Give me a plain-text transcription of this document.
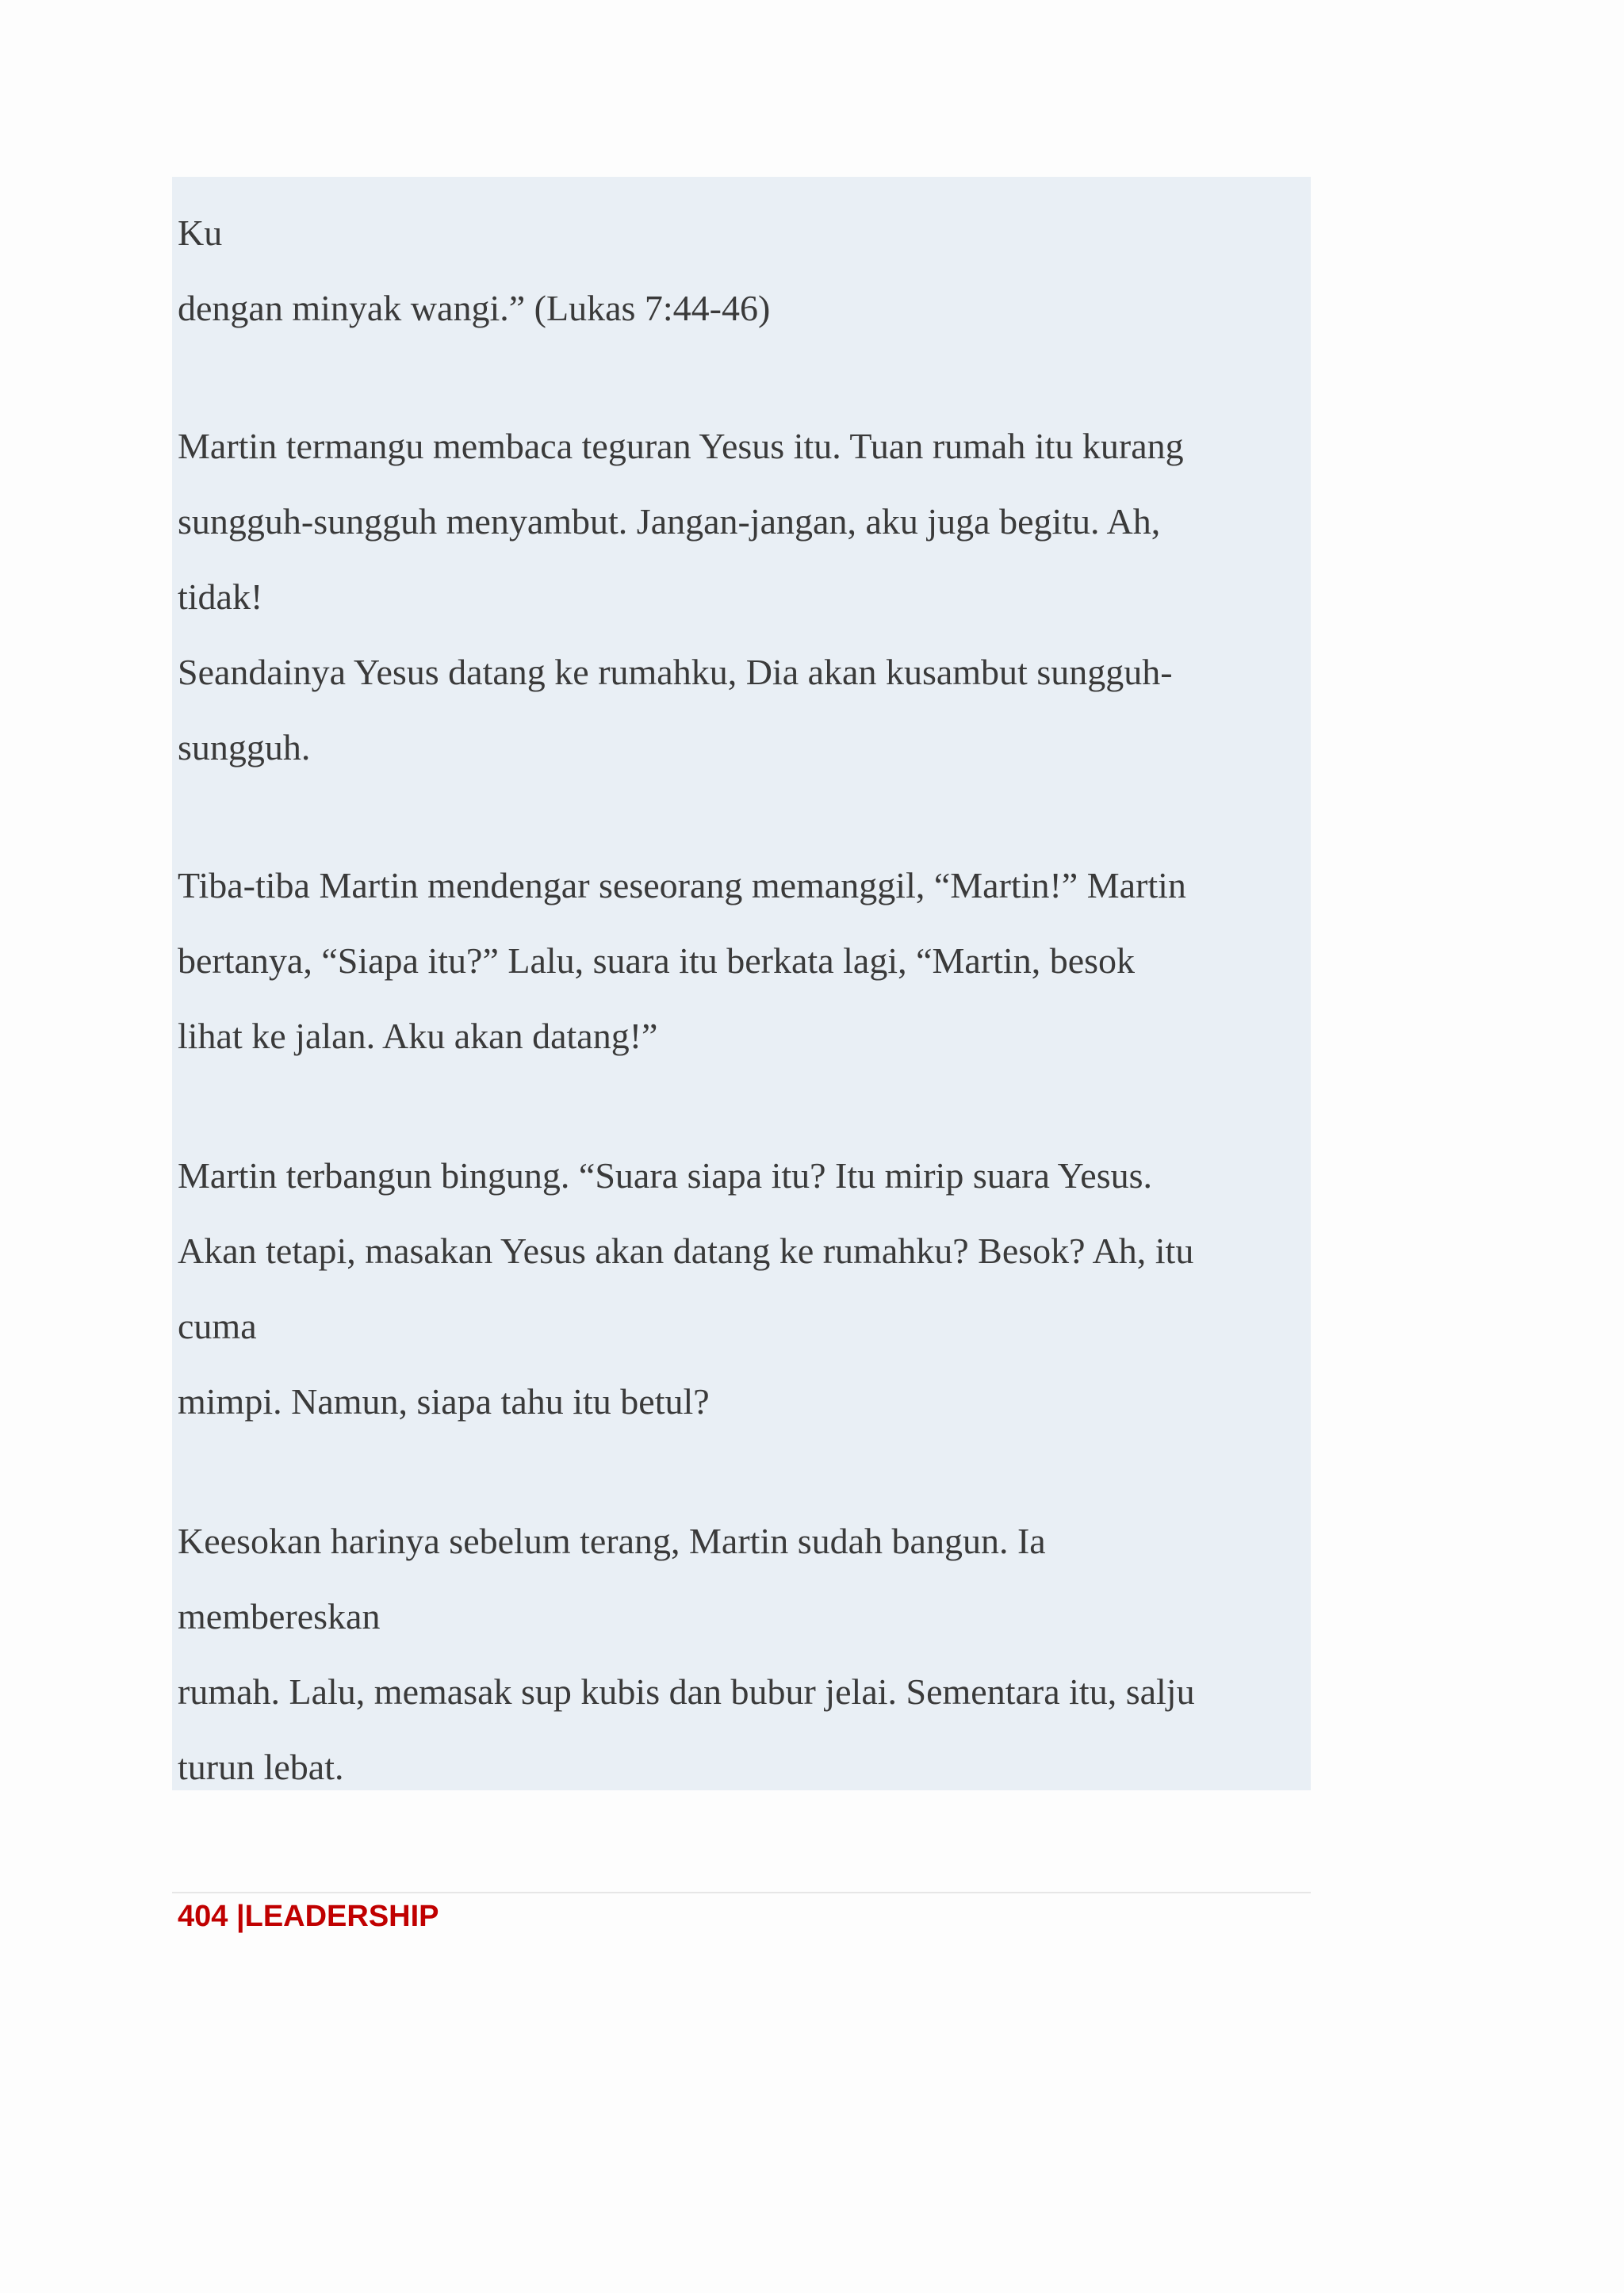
Ku
dengan minyak wangi.” (Lukas 7:44-46)
Martin termangu membaca teguran Yesus itu. Tuan rumah itu kurang
sungguh-sungguh menyambut. Jangan-jangan, aku juga begitu. Ah,
tidak!
Seandainya Yesus datang ke rumahku, Dia akan kusambut sungguh-
sungguh.
Tiba-tiba Martin mendengar seseorang memanggil, “Martin!” Martin
bertanya, “Siapa itu?” Lalu, suara itu berkata lagi, “Martin, besok
lihat ke jalan. Aku akan datang!”
Martin terbangun bingung. “Suara siapa itu? Itu mirip suara Yesus.
Akan tetapi, masakan Yesus akan datang ke rumahku? Besok? Ah, itu
cuma
mimpi. Namun, siapa tahu itu betul?
Keesokan harinya sebelum terang, Martin sudah bangun. Ia
membereskan
rumah. Lalu, memasak sup kubis dan bubur jelai. Sementara itu, salju
turun lebat.
404 |LEADERSHIP
